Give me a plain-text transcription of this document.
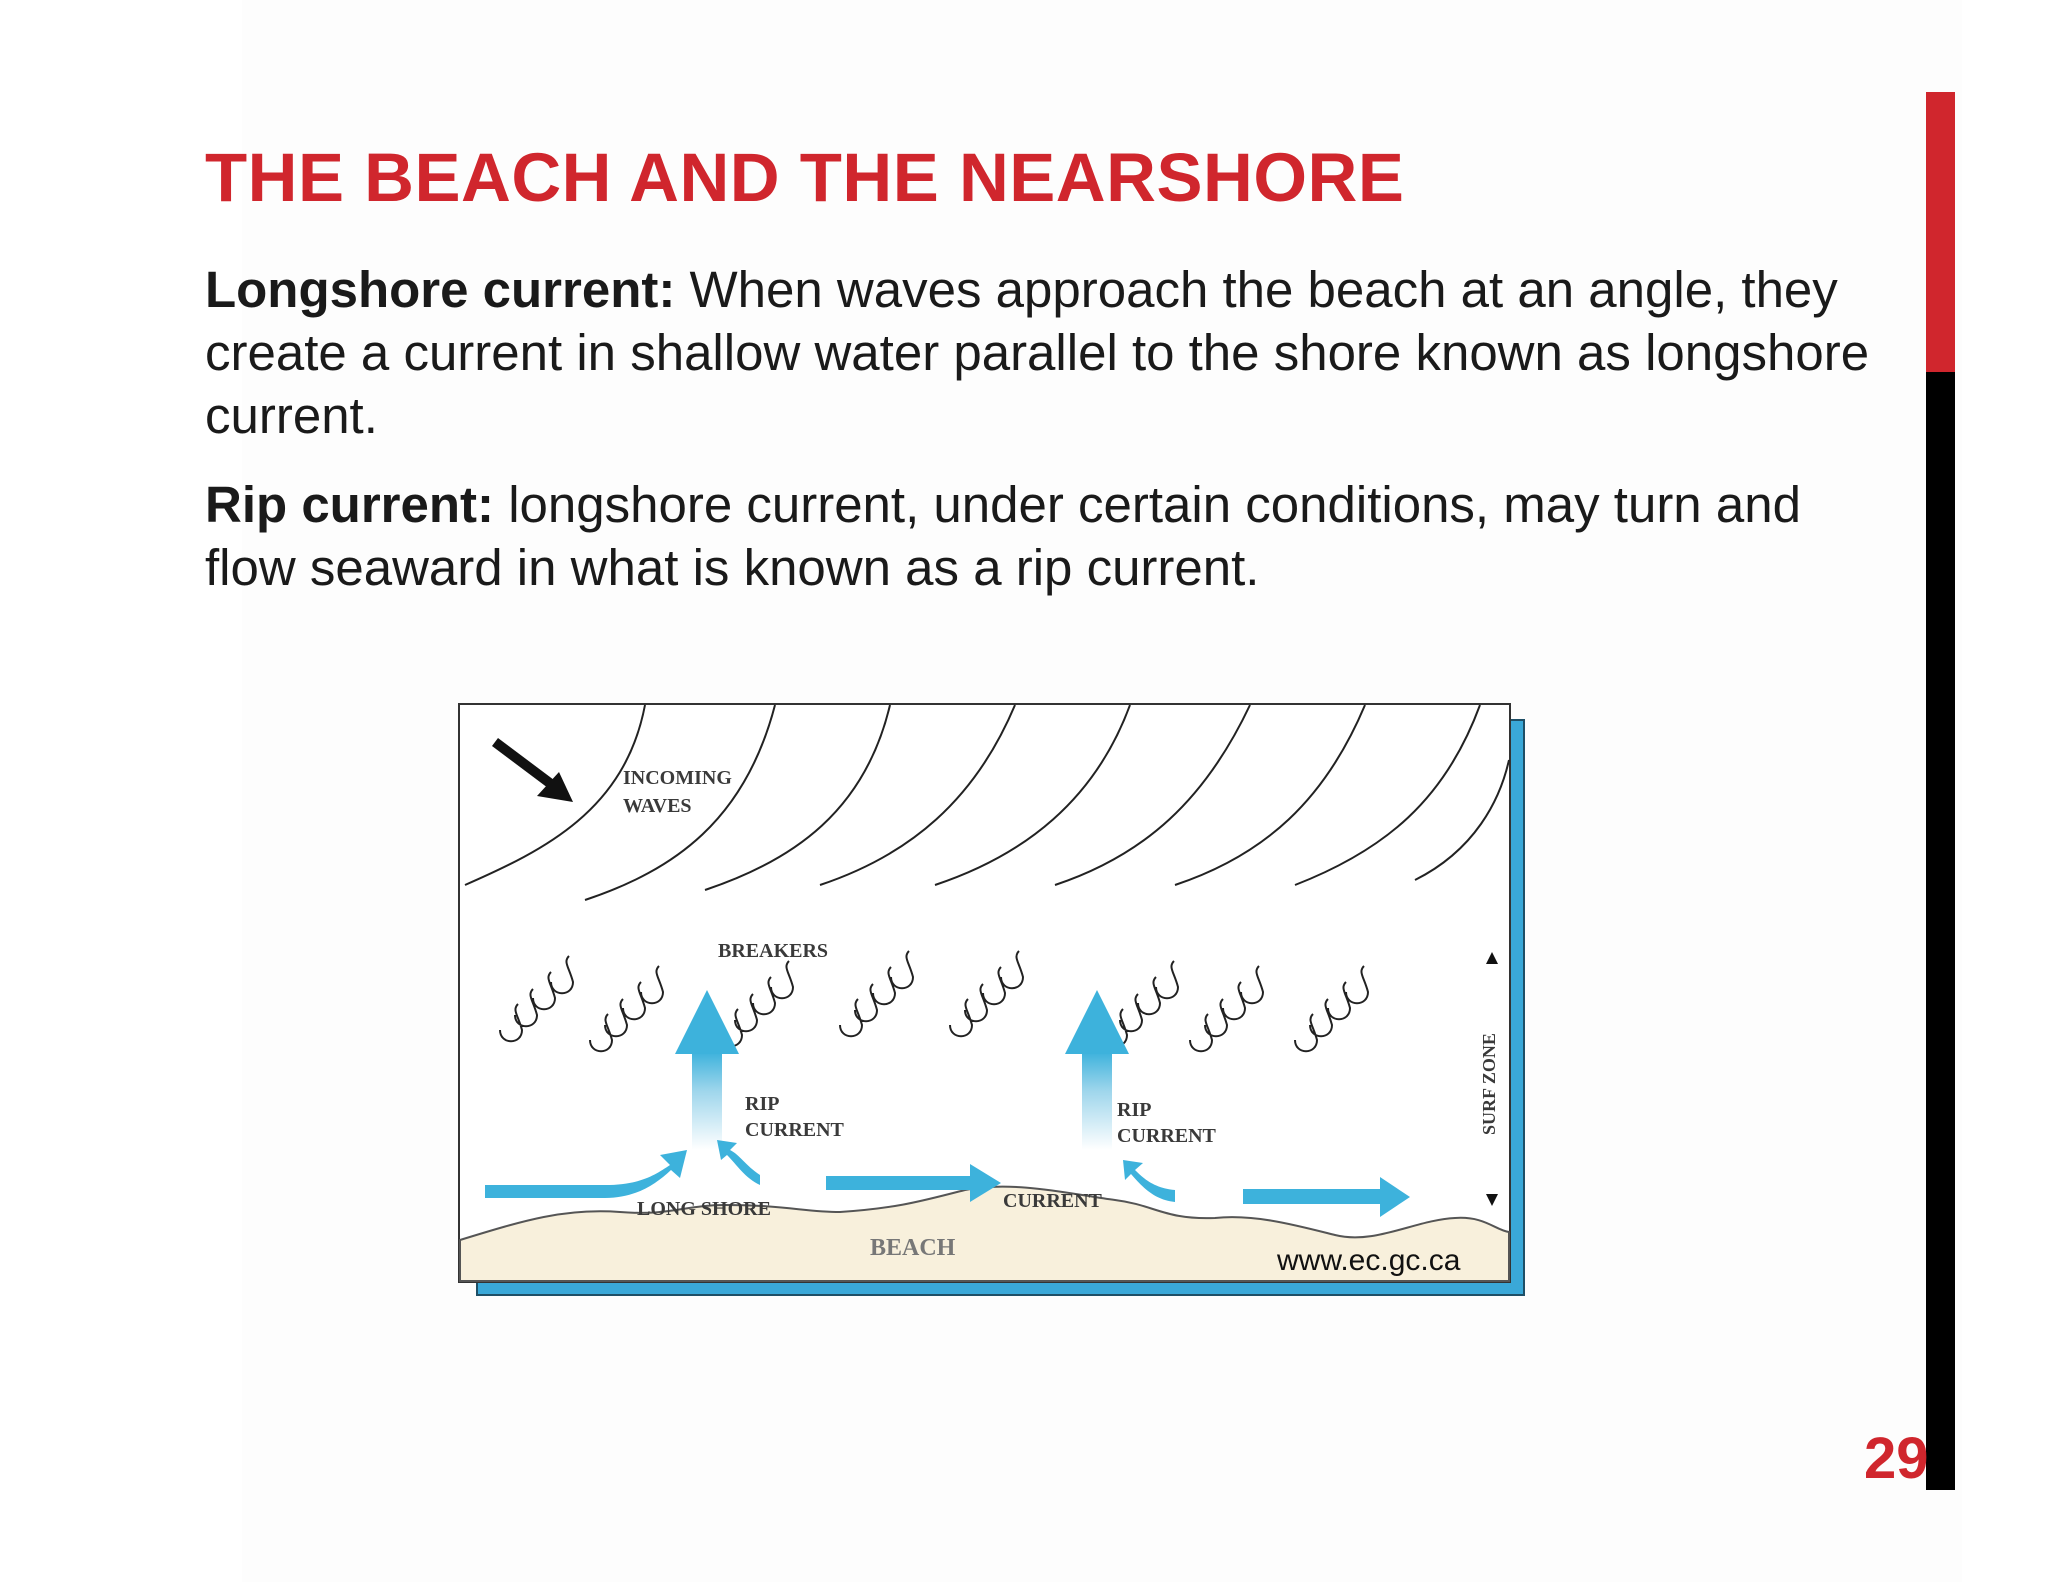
THE BEACH AND THE NEARSHORE

Longshore current: When waves approach the beach at an angle, they create a current in shallow water parallel to the shore known as longshore current.

Rip current: longshore current, under certain conditions, may turn and flow seaward in what is known as a rip current.

29
INCOMING
WAVES
BREAKERS
RIP
CURRENT
RIP
CURRENT
LONG SHORE	CURRENT
BEACH
SURF ZONE
www.ec.gc.ca
